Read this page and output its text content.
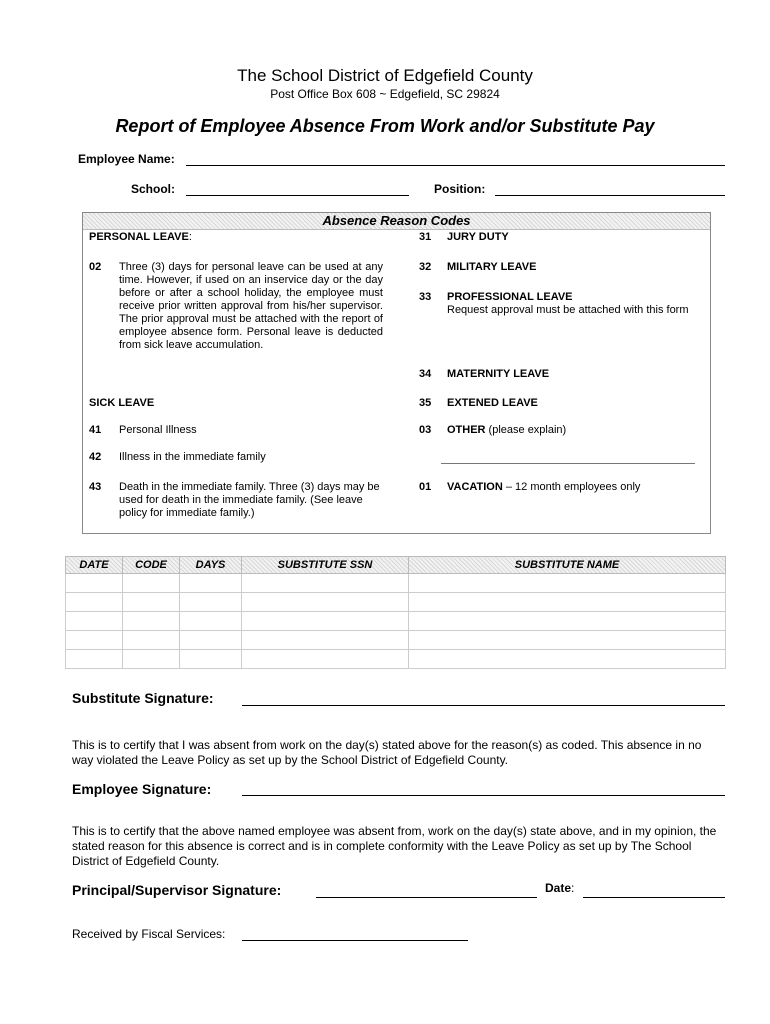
The School District of Edgefield County
Post Office Box 608 ~ Edgefield, SC 29824
Report of Employee Absence From Work and/or Substitute Pay
Employee Name:
School:	Position:
Absence Reason Codes
PERSONAL LEAVE:
02 Three (3) days for personal leave can be used at any time. However, if used on an inservice day or the day before or after a school holiday, the employee must receive prior written approval from his/her supervisor. The prior approval must be attached with the report of employee absence form. Personal leave is deducted from sick leave accumulation.
SICK LEAVE
41 Personal Illness
42 Illness in the immediate family
43 Death in the immediate family. Three (3) days may be used for death in the immediate family. (See leave policy for immediate family.)
31 JURY DUTY
32 MILITARY LEAVE
33 PROFESSIONAL LEAVE
Request approval must be attached with this form
34 MATERNITY LEAVE
35 EXTENED LEAVE
03 OTHER (please explain)
01 VACATION – 12 month employees only
DATE	CODE	DAYS	SUBSTITUTE SSN	SUBSTITUTE NAME

Substitute Signature:
This is to certify that I was absent from work on the day(s) stated above for the reason(s) as coded. This absence in no way violated the Leave Policy as set up by the School District of Edgefield County.
Employee Signature:
This is to certify that the above named employee was absent from, work on the day(s) state above, and in my opinion, the stated reason for this absence is correct and is in complete conformity with the Leave Policy as set up by The School District of Edgefield County.
Principal/Supervisor Signature:	Date:
Received by Fiscal Services:
